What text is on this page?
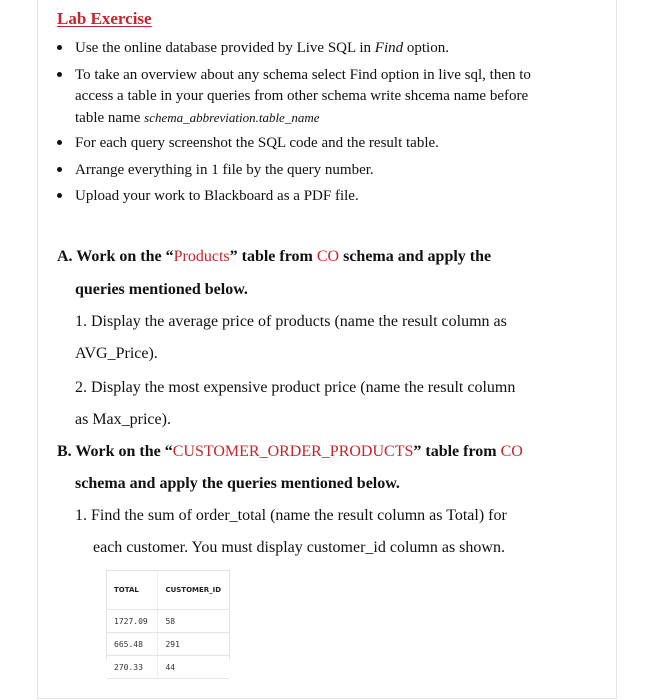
Lab Exercise
Use the online database provided by Live SQL in Find option.
To take an overview about any schema select Find option in live sql, then to
access a table in your queries from other schema write shcema name before
table name schema_abbreviation.table_name
For each query screenshot the SQL code and the result table.
Arrange everything in 1 file by the query number.
Upload your work to Blackboard as a PDF file.
A. Work on the “Products” table from CO schema and apply the
queries mentioned below.
1. Display the average price of products (name the result column as
AVG_Price).
2. Display the most expensive product price (name the result column
as Max_price).
B. Work on the “CUSTOMER_ORDER_PRODUCTS” table from CO
schema and apply the queries mentioned below.
1. Find the sum of order_total (name the result column as Total) for
each customer. You must display customer_id column as shown.
TOTAL	CUSTOMER_ID
1727.09	58
665.48	291
270.33	44
